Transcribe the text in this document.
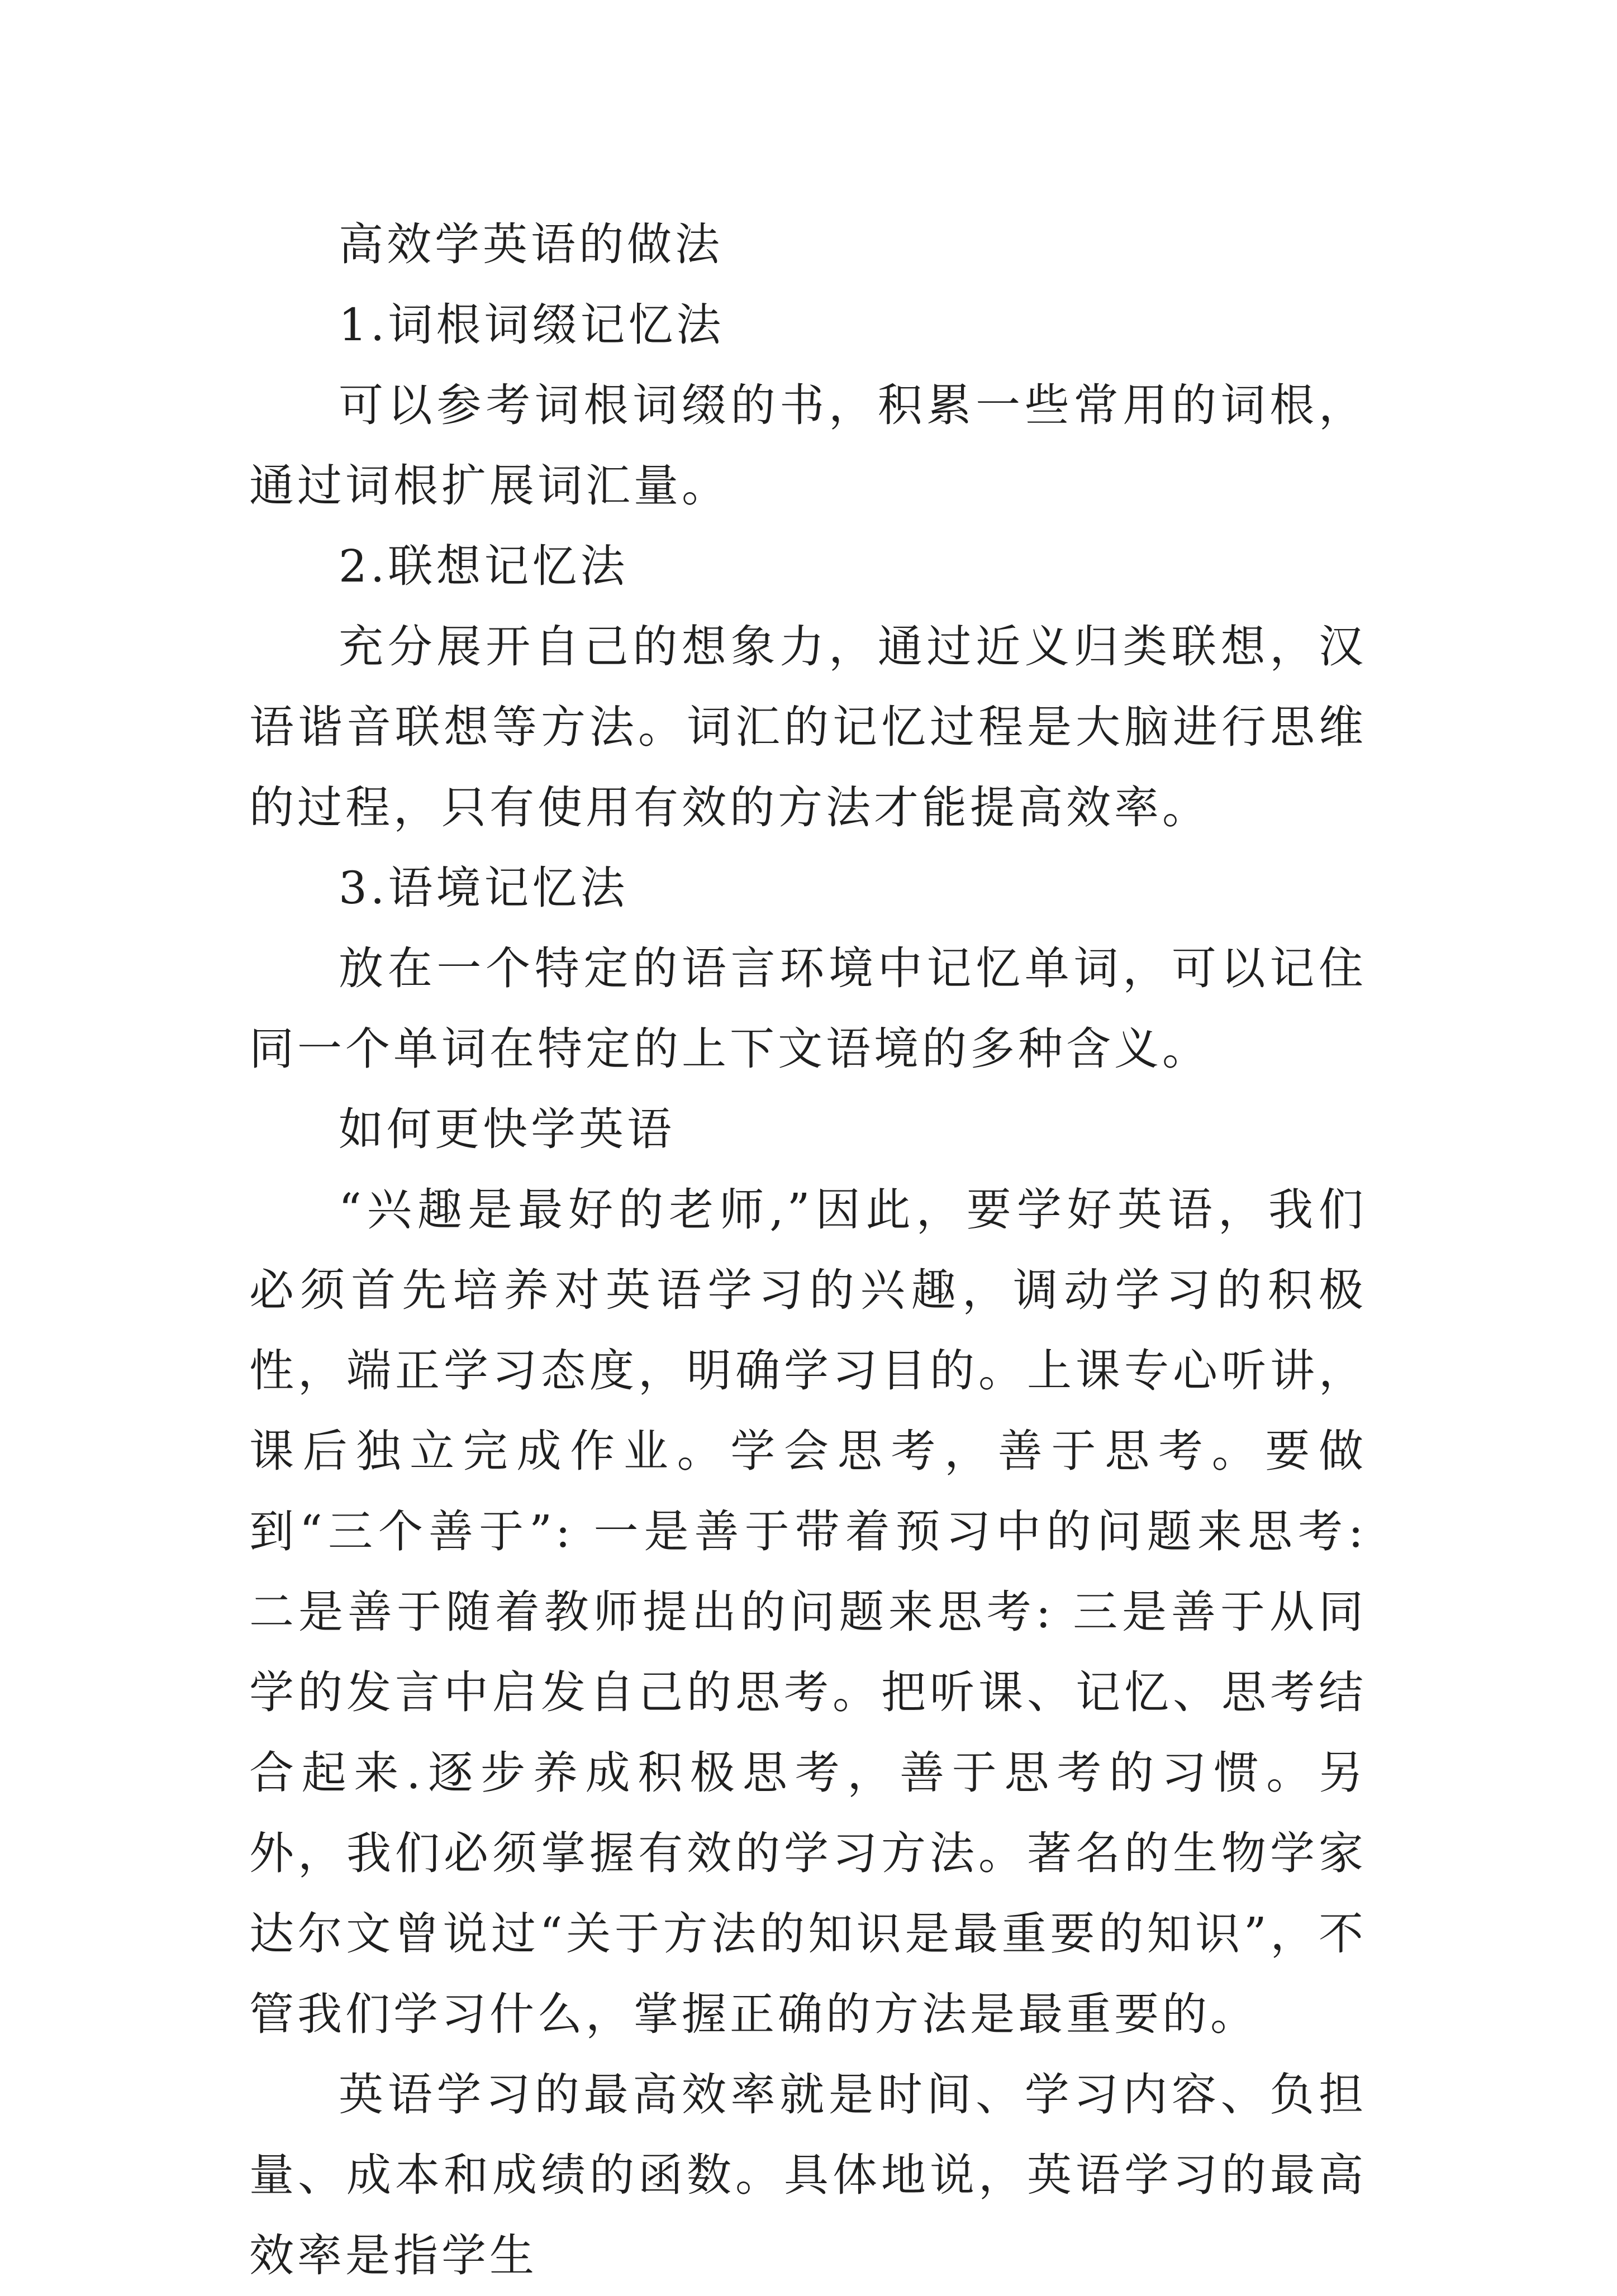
高效学英语的做法

1.词根词缀记忆法

可以参考词根词缀的书，积累一些常用的词根，通过词根扩展词汇量。

2.联想记忆法

充分展开自己的想象力，通过近义归类联想，汉语谐音联想等方法。词汇的记忆过程是大脑进行思维的过程，只有使用有效的方法才能提高效率。

3.语境记忆法

放在一个特定的语言环境中记忆单词，可以记住同一个单词在特定的上下文语境的多种含义。

如何更快学英语

“兴趣是最好的老师,”因此，要学好英语，我们必须首先培养对英语学习的兴趣，调动学习的积极性，端正学习态度，明确学习目的。上课专心听讲，课后独立完成作业。学会思考，善于思考。要做到“三个善于”: 一是善于带着预习中的问题来思考: 二是善于随着教师提出的问题来思考: 三是善于从同学的发言中启发自己的思考。把听课、记忆、思考结合起来.逐步养成积极思考，善于思考的习惯。另外，我们必须掌握有效的学习方法。著名的生物学家达尔文曾说过“关于方法的知识是最重要的知识”，不管我们学习什么，掌握正确的方法是最重要的。

英语学习的最高效率就是时间、学习内容、负担量、成本和成绩的函数。具体地说，英语学习的最高效率是指学生
